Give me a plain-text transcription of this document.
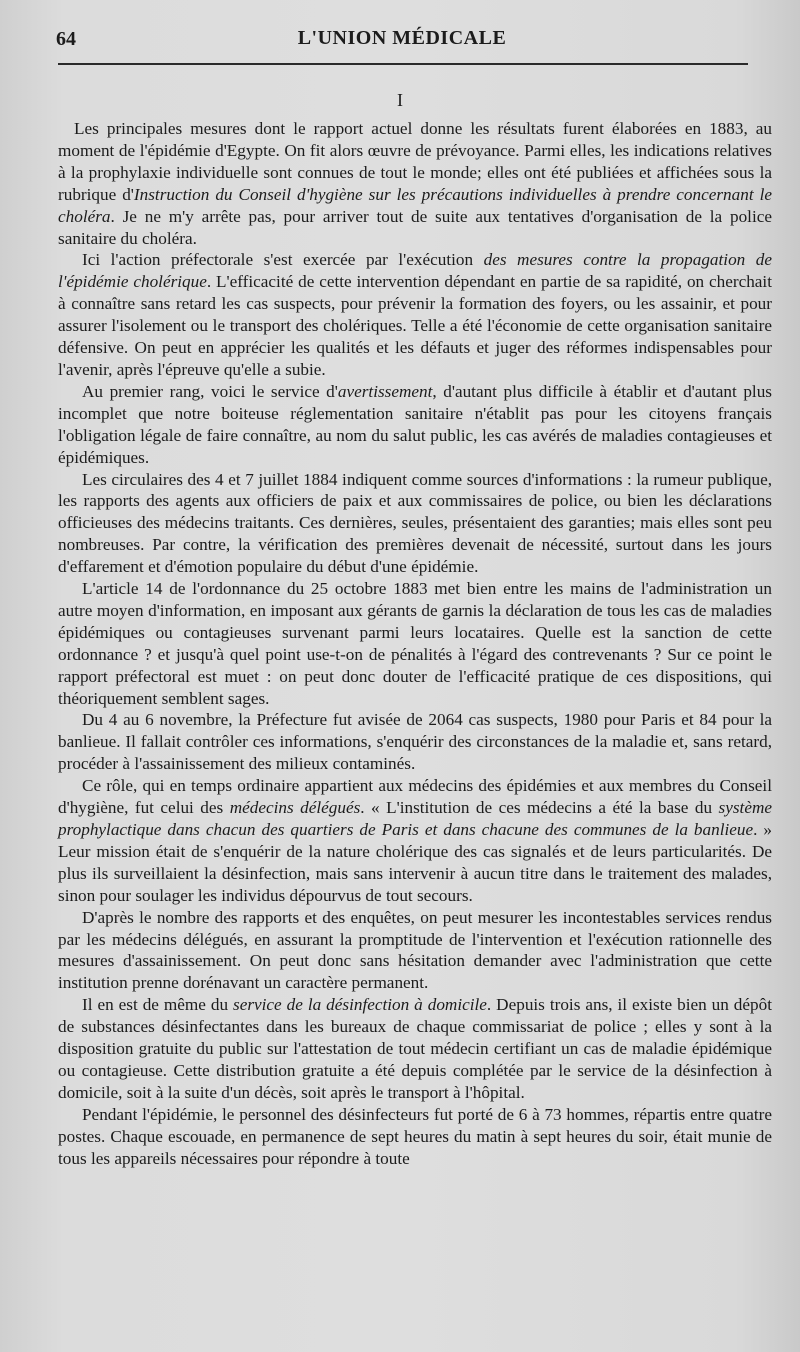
64	L'UNION MÉDICALE
I

Les principales mesures dont le rapport actuel donne les résultats furent élaborées en 1883, au moment de l'épidémie d'Egypte. On fit alors œuvre de prévoyance. Parmi elles, les indications relatives à la prophylaxie individuelle sont connues de tout le monde; elles ont été publiées et affichées sous la rubrique d'Instruction du Conseil d'hygiène sur les précautions individuelles à prendre concernant le choléra. Je ne m'y arrête pas, pour arriver tout de suite aux tentatives d'organisation de la police sanitaire du choléra.

Ici l'action préfectorale s'est exercée par l'exécution des mesures contre la propagation de l'épidémie cholérique. L'efficacité de cette intervention dépendant en partie de sa rapidité, on cherchait à connaître sans retard les cas suspects, pour prévenir la formation des foyers, ou les assainir, et pour assurer l'isolement ou le transport des cholériques. Telle a été l'économie de cette organisation sanitaire défensive. On peut en apprécier les qualités et les défauts et juger des réformes indispensables pour l'avenir, après l'épreuve qu'elle a subie.

Au premier rang, voici le service d'avertissement, d'autant plus difficile à établir et d'autant plus incomplet que notre boiteuse réglementation sanitaire n'établit pas pour les citoyens français l'obligation légale de faire connaître, au nom du salut public, les cas avérés de maladies contagieuses et épidémiques.

Les circulaires des 4 et 7 juillet 1884 indiquent comme sources d'informations : la rumeur publique, les rapports des agents aux officiers de paix et aux commissaires de police, ou bien les déclarations officieuses des médecins traitants. Ces dernières, seules, présentaient des garanties; mais elles sont peu nombreuses. Par contre, la vérification des premières devenait de nécessité, surtout dans les jours d'effarement et d'émotion populaire du début d'une épidémie.

L'article 14 de l'ordonnance du 25 octobre 1883 met bien entre les mains de l'administration un autre moyen d'information, en imposant aux gérants de garnis la déclaration de tous les cas de maladies épidémiques ou contagieuses survenant parmi leurs locataires. Quelle est la sanction de cette ordonnance ? et jusqu'à quel point use-t-on de pénalités à l'égard des contrevenants ? Sur ce point le rapport préfectoral est muet : on peut donc douter de l'efficacité pratique de ces dispositions, qui théoriquement semblent sages.

Du 4 au 6 novembre, la Préfecture fut avisée de 2064 cas suspects, 1980 pour Paris et 84 pour la banlieue. Il fallait contrôler ces informations, s'enquérir des circonstances de la maladie et, sans retard, procéder à l'assainissement des milieux contaminés.

Ce rôle, qui en temps ordinaire appartient aux médecins des épidémies et aux membres du Conseil d'hygiène, fut celui des médecins délégués. « L'institution de ces médecins a été la base du système prophylactique dans chacun des quartiers de Paris et dans chacune des communes de la banlieue. » Leur mission était de s'enquérir de la nature cholérique des cas signalés et de leurs particularités. De plus ils surveillaient la désinfection, mais sans intervenir à aucun titre dans le traitement des malades, sinon pour soulager les individus dépourvus de tout secours.

D'après le nombre des rapports et des enquêtes, on peut mesurer les incontestables services rendus par les médecins délégués, en assurant la promptitude de l'intervention et l'exécution rationnelle des mesures d'assainissement. On peut donc sans hésitation demander avec l'administration que cette institution prenne dorénavant un caractère permanent.

Il en est de même du service de la désinfection à domicile. Depuis trois ans, il existe bien un dépôt de substances désinfectantes dans les bureaux de chaque commissariat de police ; elles y sont à la disposition gratuite du public sur l'attestation de tout médecin certifiant un cas de maladie épidémique ou contagieuse. Cette distribution gratuite a été depuis complétée par le service de la désinfection à domicile, soit à la suite d'un décès, soit après le transport à l'hôpital.

Pendant l'épidémie, le personnel des désinfecteurs fut porté de 6 à 73 hommes, répartis entre quatre postes. Chaque escouade, en permanence de sept heures du matin à sept heures du soir, était munie de tous les appareils nécessaires pour répondre à toute
